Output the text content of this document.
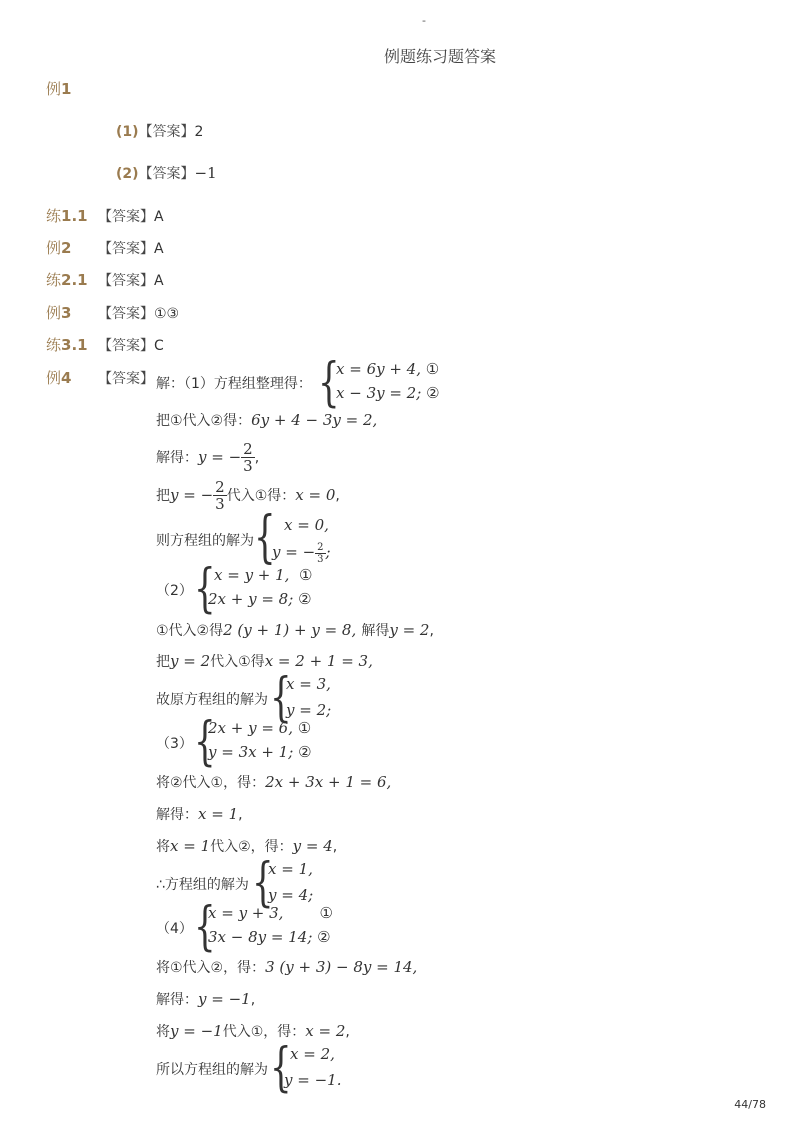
-
例题练习题答案
例1
(1)【答案】2
(2)【答案】−1
练1.1 【答案】A
例2 【答案】A
练2.1 【答案】A
例3 【答案】①③
练3.1 【答案】C
例4 【答案】 解：（1）方程组整理得： {
x = 6y + 4, ①
x − 3y = 2; ②
把①代入②得：6y + 4 − 3y = 2,
解得：y = − $\frac{2}{3}$ ,
把y = − $\frac{2}{3}$ 代入①得：x = 0,
则方程组的解为 { x = 0,
y = − $\frac{2}{3}$ ;
（2） {
x = y + 1, ①
2x + y = 8; ②
①代入②得2 (y + 1) + y = 8, 解得y = 2,
把y = 2代入①得x = 2 + 1 = 3,
故原方程组的解为 {
x = 3,
y = 2;
（3） {
2x + y = 6, ①
y = 3x + 1; ②
将②代入①，得：2x + 3x + 1 = 6,
解得：x = 1,
将x = 1代入②，得：y = 4,
∴方程组的解为 {
x = 1,
y = 4;
（4） {
x = y + 3, ①
3x − 8y = 14; ②
将①代入②，得：3 (y + 3) − 8y = 14,
解得：y = −1,
将y = −1代入①，得：x = 2,
所以方程组的解为 {
x = 2,
y = −1.
44/78
